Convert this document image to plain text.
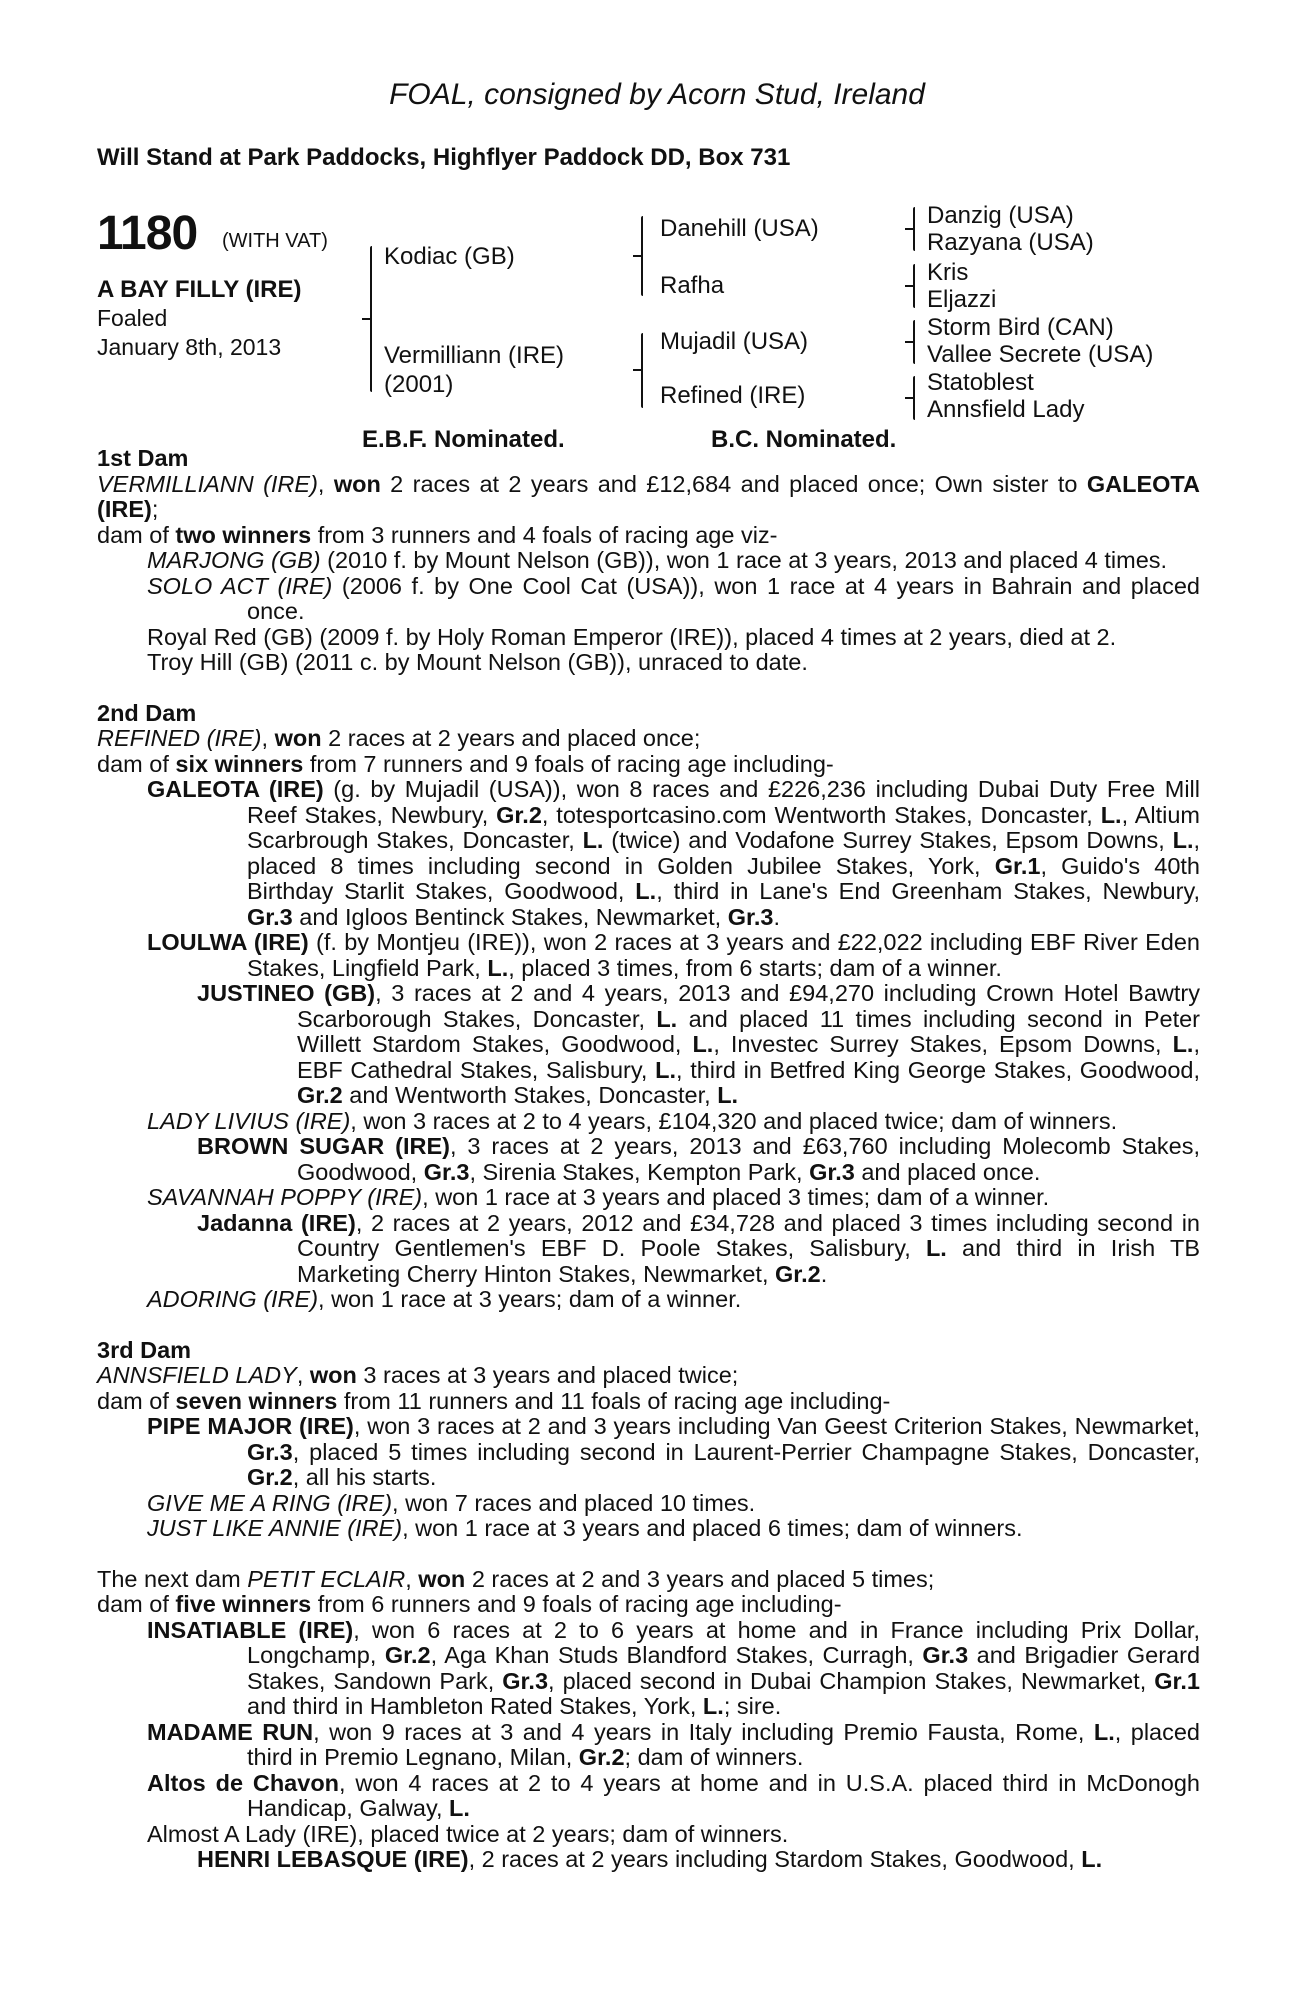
FOAL, consigned by Acorn Stud, Ireland
Will Stand at Park Paddocks, Highflyer Paddock DD, Box 731
1180 (WITH VAT)
A BAY FILLY (IRE)
Foaled
January 8th, 2013
Kodiac (GB)
Vermilliann (IRE)
(2001)
Danehill (USA)
Rafha
Mujadil (USA)
Refined (IRE)
Danzig (USA)
Razyana (USA)
Kris
Eljazzi
Storm Bird (CAN)
Vallee Secrete (USA)
Statoblest
Annsfield Lady
E.B.F. Nominated.	B.C. Nominated.

1st Dam

VERMILLIANN (IRE), won 2 races at 2 years and £12,684 and placed once; Own sister to GALEOTA (IRE);

dam of two winners from 3 runners and 4 foals of racing age viz-

MARJONG (GB) (2010 f. by Mount Nelson (GB)), won 1 race at 3 years, 2013 and placed 4 times.

SOLO ACT (IRE) (2006 f. by One Cool Cat (USA)), won 1 race at 4 years in Bahrain and placed once.

Royal Red (GB) (2009 f. by Holy Roman Emperor (IRE)), placed 4 times at 2 years, died at 2.

Troy Hill (GB) (2011 c. by Mount Nelson (GB)), unraced to date.

2nd Dam

REFINED (IRE), won 2 races at 2 years and placed once;

dam of six winners from 7 runners and 9 foals of racing age including-

GALEOTA (IRE) (g. by Mujadil (USA)), won 8 races and £226,236 including Dubai Duty Free Mill Reef Stakes, Newbury, Gr.2, totesportcasino.com Wentworth Stakes, Doncaster, L., Altium Scarbrough Stakes, Doncaster, L. (twice) and Vodafone Surrey Stakes, Epsom Downs, L., placed 8 times including second in Golden Jubilee Stakes, York, Gr.1, Guido's 40th Birthday Starlit Stakes, Goodwood, L., third in Lane's End Greenham Stakes, Newbury, Gr.3 and Igloos Bentinck Stakes, Newmarket, Gr.3.

LOULWA (IRE) (f. by Montjeu (IRE)), won 2 races at 3 years and £22,022 including EBF River Eden Stakes, Lingfield Park, L., placed 3 times, from 6 starts; dam of a winner.

JUSTINEO (GB), 3 races at 2 and 4 years, 2013 and £94,270 including Crown Hotel Bawtry Scarborough Stakes, Doncaster, L. and placed 11 times including second in Peter Willett Stardom Stakes, Goodwood, L., Investec Surrey Stakes, Epsom Downs, L., EBF Cathedral Stakes, Salisbury, L., third in Betfred King George Stakes, Goodwood, Gr.2 and Wentworth Stakes, Doncaster, L.

LADY LIVIUS (IRE), won 3 races at 2 to 4 years, £104,320 and placed twice; dam of winners.

BROWN SUGAR (IRE), 3 races at 2 years, 2013 and £63,760 including Molecomb Stakes, Goodwood, Gr.3, Sirenia Stakes, Kempton Park, Gr.3 and placed once.

SAVANNAH POPPY (IRE), won 1 race at 3 years and placed 3 times; dam of a winner.

Jadanna (IRE), 2 races at 2 years, 2012 and £34,728 and placed 3 times including second in Country Gentlemen's EBF D. Poole Stakes, Salisbury, L. and third in Irish TB Marketing Cherry Hinton Stakes, Newmarket, Gr.2.

ADORING (IRE), won 1 race at 3 years; dam of a winner.

3rd Dam

ANNSFIELD LADY, won 3 races at 3 years and placed twice;

dam of seven winners from 11 runners and 11 foals of racing age including-

PIPE MAJOR (IRE), won 3 races at 2 and 3 years including Van Geest Criterion Stakes, Newmarket, Gr.3, placed 5 times including second in Laurent-Perrier Champagne Stakes, Doncaster, Gr.2, all his starts.

GIVE ME A RING (IRE), won 7 races and placed 10 times.

JUST LIKE ANNIE (IRE), won 1 race at 3 years and placed 6 times; dam of winners.

The next dam PETIT ECLAIR, won 2 races at 2 and 3 years and placed 5 times;

dam of five winners from 6 runners and 9 foals of racing age including-

INSATIABLE (IRE), won 6 races at 2 to 6 years at home and in France including Prix Dollar, Longchamp, Gr.2, Aga Khan Studs Blandford Stakes, Curragh, Gr.3 and Brigadier Gerard Stakes, Sandown Park, Gr.3, placed second in Dubai Champion Stakes, Newmarket, Gr.1 and third in Hambleton Rated Stakes, York, L.; sire.

MADAME RUN, won 9 races at 3 and 4 years in Italy including Premio Fausta, Rome, L., placed third in Premio Legnano, Milan, Gr.2; dam of winners.

Altos de Chavon, won 4 races at 2 to 4 years at home and in U.S.A. placed third in McDonogh Handicap, Galway, L.

Almost A Lady (IRE), placed twice at 2 years; dam of winners.

HENRI LEBASQUE (IRE), 2 races at 2 years including Stardom Stakes, Goodwood, L.
